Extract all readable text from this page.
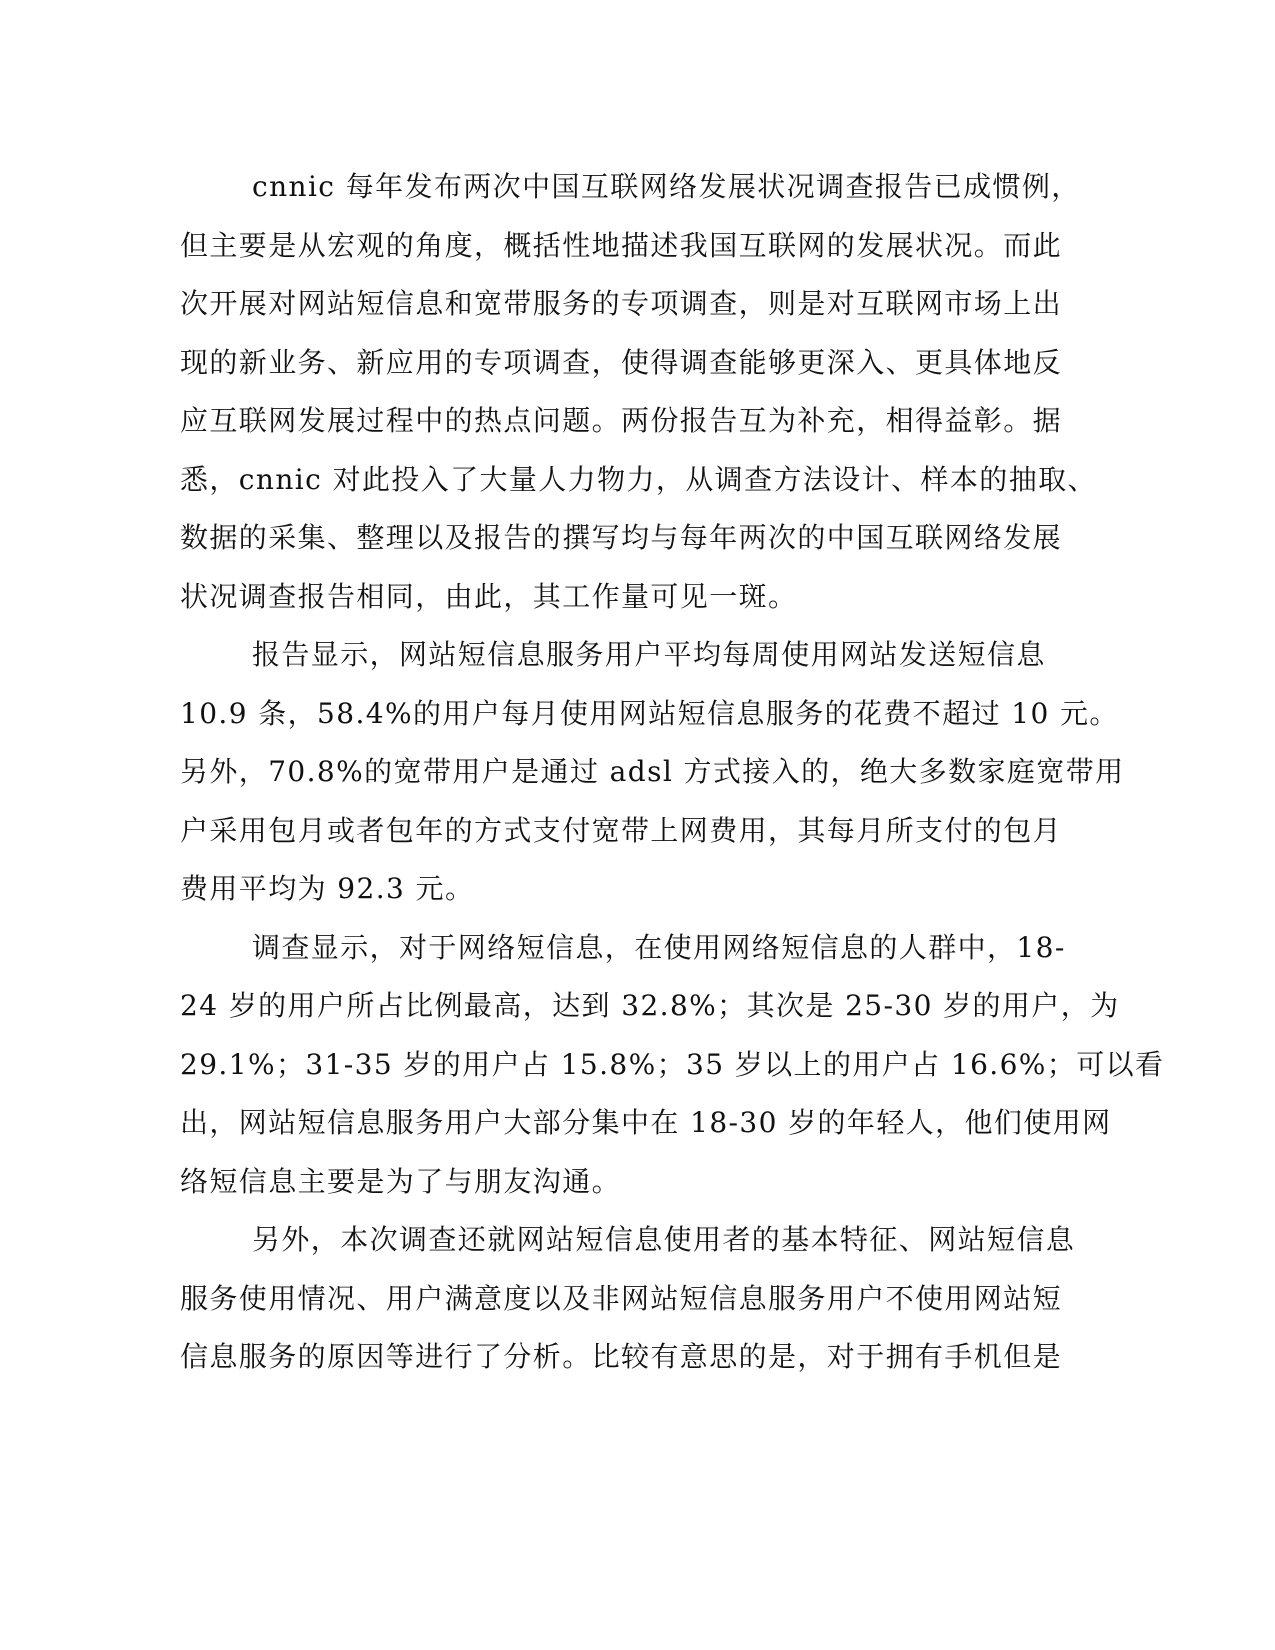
cnnic 每年发布两次中国互联网络发展状况调查报告已成惯例，
但主要是从宏观的角度，概括性地描述我国互联网的发展状况。而此
次开展对网站短信息和宽带服务的专项调查，则是对互联网市场上出
现的新业务、新应用的专项调查，使得调查能够更深入、更具体地反
应互联网发展过程中的热点问题。两份报告互为补充，相得益彰。据
悉，cnnic 对此投入了大量人力物力，从调查方法设计、样本的抽取、
数据的采集、整理以及报告的撰写均与每年两次的中国互联网络发展
状况调查报告相同，由此，其工作量可见一斑。
报告显示，网站短信息服务用户平均每周使用网站发送短信息
10.9 条，58.4%的用户每月使用网站短信息服务的花费不超过 10 元。
另外，70.8%的宽带用户是通过 adsl 方式接入的，绝大多数家庭宽带用
户采用包月或者包年的方式支付宽带上网费用，其每月所支付的包月
费用平均为 92.3 元。
调查显示，对于网络短信息，在使用网络短信息的人群中，18-
24 岁的用户所占比例最高，达到 32.8%；其次是 25-30 岁的用户，为
29.1%；31-35 岁的用户占 15.8%；35 岁以上的用户占 16.6%；可以看
出，网站短信息服务用户大部分集中在 18-30 岁的年轻人，他们使用网
络短信息主要是为了与朋友沟通。
另外，本次调查还就网站短信息使用者的基本特征、网站短信息
服务使用情况、用户满意度以及非网站短信息服务用户不使用网站短
信息服务的原因等进行了分析。比较有意思的是，对于拥有手机但是
